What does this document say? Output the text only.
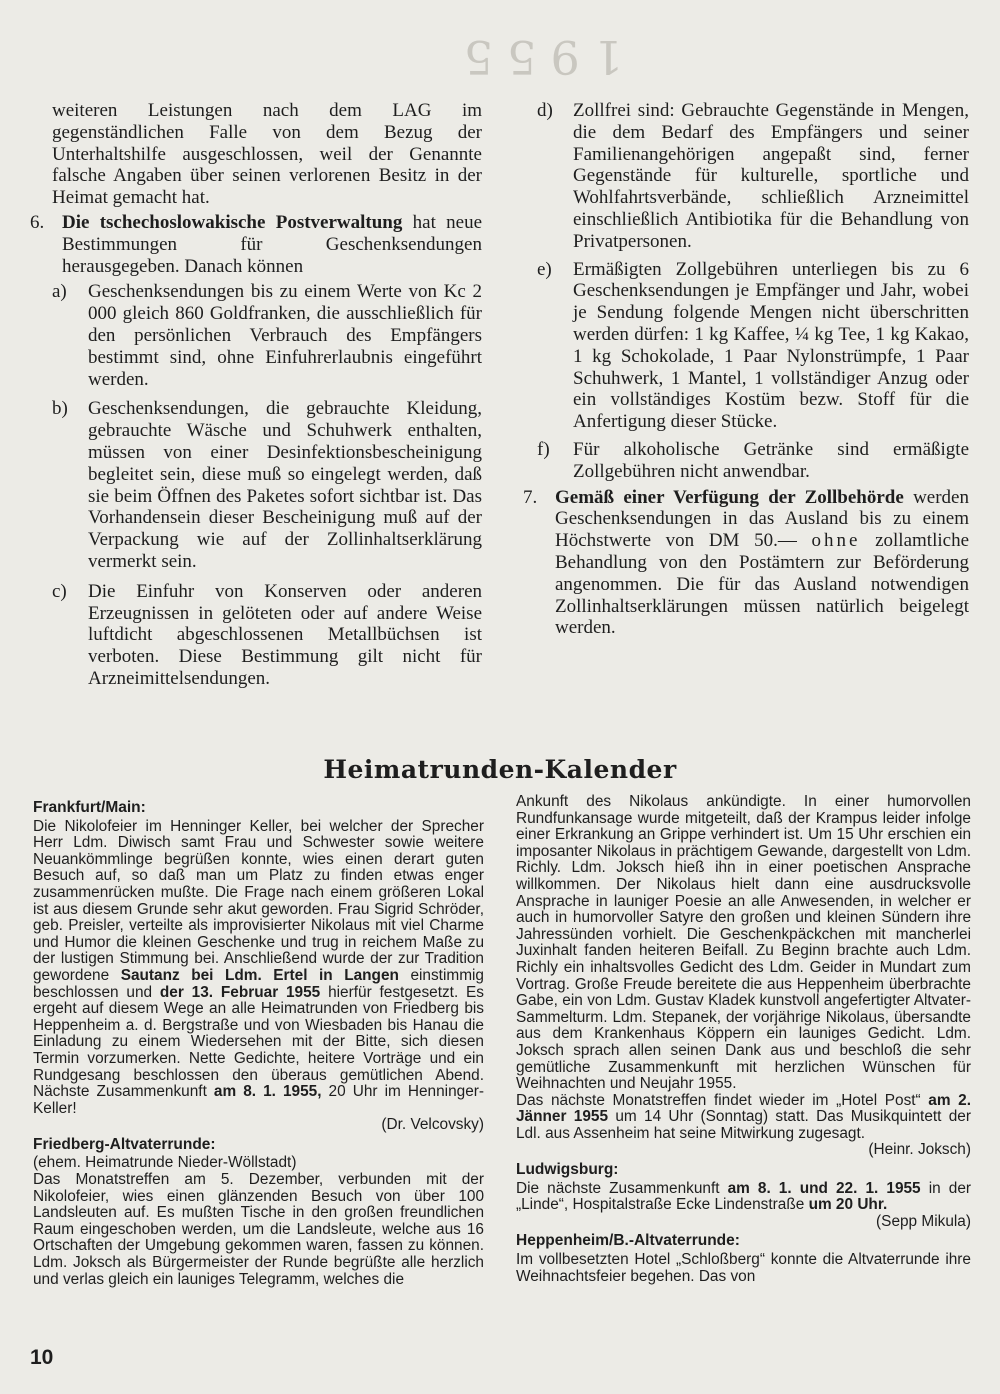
1955

weiteren Leistungen nach dem LAG im gegenständlichen Falle von dem Bezug der Unterhaltshilfe ausgeschlossen, weil der Genannte falsche Angaben über seinen verlorenen Besitz in der Heimat gemacht hat.

6. Die tschechoslowakische Postverwaltung hat neue Bestimmungen für Geschenksendungen herausgegeben. Danach können
a) Geschenksendungen bis zu einem Werte von Kc 2 000 gleich 860 Goldfranken, die ausschließlich für den persönlichen Verbrauch des Empfängers bestimmt sind, ohne Einfuhrerlaubnis eingeführt werden.
b) Geschenksendungen, die gebrauchte Kleidung, gebrauchte Wäsche und Schuhwerk enthalten, müssen von einer Desinfektionsbescheinigung begleitet sein, diese muß so eingelegt werden, daß sie beim Öffnen des Paketes sofort sichtbar ist. Das Vorhandensein dieser Bescheinigung muß auf der Verpackung wie auf der Zollinhaltserklärung vermerkt sein.
c) Die Einfuhr von Konserven oder anderen Erzeugnissen in gelöteten oder auf andere Weise luftdicht abgeschlossenen Metallbüchsen ist verboten. Diese Bestimmung gilt nicht für Arzneimittelsendungen.
d) Zollfrei sind: Gebrauchte Gegenstände in Mengen, die dem Bedarf des Empfängers und seiner Familienangehörigen angepaßt sind, ferner Gegenstände für kulturelle, sportliche und Wohlfahrtsverbände, schließlich Arzneimittel einschließlich Antibiotika für die Behandlung von Privatpersonen.
e) Ermäßigten Zollgebühren unterliegen bis zu 6 Geschenksendungen je Empfänger und Jahr, wobei je Sendung folgende Mengen nicht überschritten werden dürfen: 1 kg Kaffee, ¼ kg Tee, 1 kg Kakao, 1 kg Schokolade, 1 Paar Nylonstrümpfe, 1 Paar Schuhwerk, 1 Mantel, 1 vollständiger Anzug oder ein vollständiges Kostüm bezw. Stoff für die Anfertigung dieser Stücke.
f) Für alkoholische Getränke sind ermäßigte Zollgebühren nicht anwendbar.
7. Gemäß einer Verfügung der Zollbehörde werden Geschenksendungen in das Ausland bis zu einem Höchstwerte von DM 50.— ohne zollamtliche Behandlung von den Postämtern zur Beförderung angenommen. Die für das Ausland notwendigen Zollinhaltserklärungen müssen natürlich beigelegt werden.
Heimatrunden-Kalender
Frankfurt/Main:

Die Nikolofeier im Henninger Keller, bei welcher der Sprecher Herr Ldm. Diwisch samt Frau und Schwester sowie weitere Neuankömmlinge begrüßen konnte, wies einen derart guten Besuch auf, so daß man um Platz zu finden etwas enger zusammenrücken mußte. Die Frage nach einem größeren Lokal ist aus diesem Grunde sehr akut geworden. Frau Sigrid Schröder, geb. Preisler, verteilte als improvisierter Nikolaus mit viel Charme und Humor die kleinen Geschenke und trug in reichem Maße zu der lustigen Stimmung bei. Anschließend wurde der zur Tradition gewordene Sautanz bei Ldm. Ertel in Langen einstimmig beschlossen und der 13. Februar 1955 hierfür festgesetzt. Es ergeht auf diesem Wege an alle Heimatrunden von Friedberg bis Heppenheim a. d. Bergstraße und von Wiesbaden bis Hanau die Einladung zu einem Wiedersehen mit der Bitte, sich diesen Termin vorzumerken. Nette Gedichte, heitere Vorträge und ein Rundgesang beschlossen den überaus gemütlichen Abend. Nächste Zusammenkunft am 8. 1. 1955, 20 Uhr im Henninger-Keller!

(Dr. Velcovsky)

Friedberg-Altvaterrunde:

(ehem. Heimatrunde Nieder-Wöllstadt)

Das Monatstreffen am 5. Dezember, verbunden mit der Nikolofeier, wies einen glänzenden Besuch von über 100 Landsleuten auf. Es mußten Tische in den großen freundlichen Raum eingeschoben werden, um die Landsleute, welche aus 16 Ortschaften der Umgebung gekommen waren, fassen zu können. Ldm. Joksch als Bürgermeister der Runde begrüßte alle herzlich und verlas gleich ein launiges Telegramm, welches die

Ankunft des Nikolaus ankündigte. In einer humorvollen Rundfunkansage wurde mitgeteilt, daß der Krampus leider infolge einer Erkrankung an Grippe verhindert ist. Um 15 Uhr erschien ein imposanter Nikolaus in prächtigem Gewande, dargestellt von Ldm. Richly. Ldm. Joksch hieß ihn in einer poetischen Ansprache willkommen. Der Nikolaus hielt dann eine ausdrucksvolle Ansprache in launiger Poesie an alle Anwesenden, in welcher er auch in humorvoller Satyre den großen und kleinen Sündern ihre Jahressünden vorhielt. Die Geschenkpäckchen mit mancherlei Juxinhalt fanden heiteren Beifall. Zu Beginn brachte auch Ldm. Richly ein inhaltsvolles Gedicht des Ldm. Geider in Mundart zum Vortrag. Große Freude bereitete die aus Heppenheim überbrachte Gabe, ein von Ldm. Gustav Kladek kunstvoll angefertigter Altvater-Sammelturm. Ldm. Stepanek, der vorjährige Nikolaus, übersandte aus dem Krankenhaus Köppern ein launiges Gedicht. Ldm. Joksch sprach allen seinen Dank aus und beschloß die sehr gemütliche Zusammenkunft mit herzlichen Wünschen für Weihnachten und Neujahr 1955.

Das nächste Monatstreffen findet wieder im „Hotel Post“ am 2. Jänner 1955 um 14 Uhr (Sonntag) statt. Das Musikquintett der Ldl. aus Assenheim hat seine Mitwirkung zugesagt.

(Heinr. Joksch)

Ludwigsburg:

Die nächste Zusammenkunft am 8. 1. und 22. 1. 1955 in der „Linde“, Hospitalstraße Ecke Lindenstraße um 20 Uhr.

(Sepp Mikula)

Heppenheim/B.-Altvaterrunde:

Im vollbesetzten Hotel „Schloßberg“ konnte die Altvaterrunde ihre Weihnachtsfeier begehen. Das von

10
